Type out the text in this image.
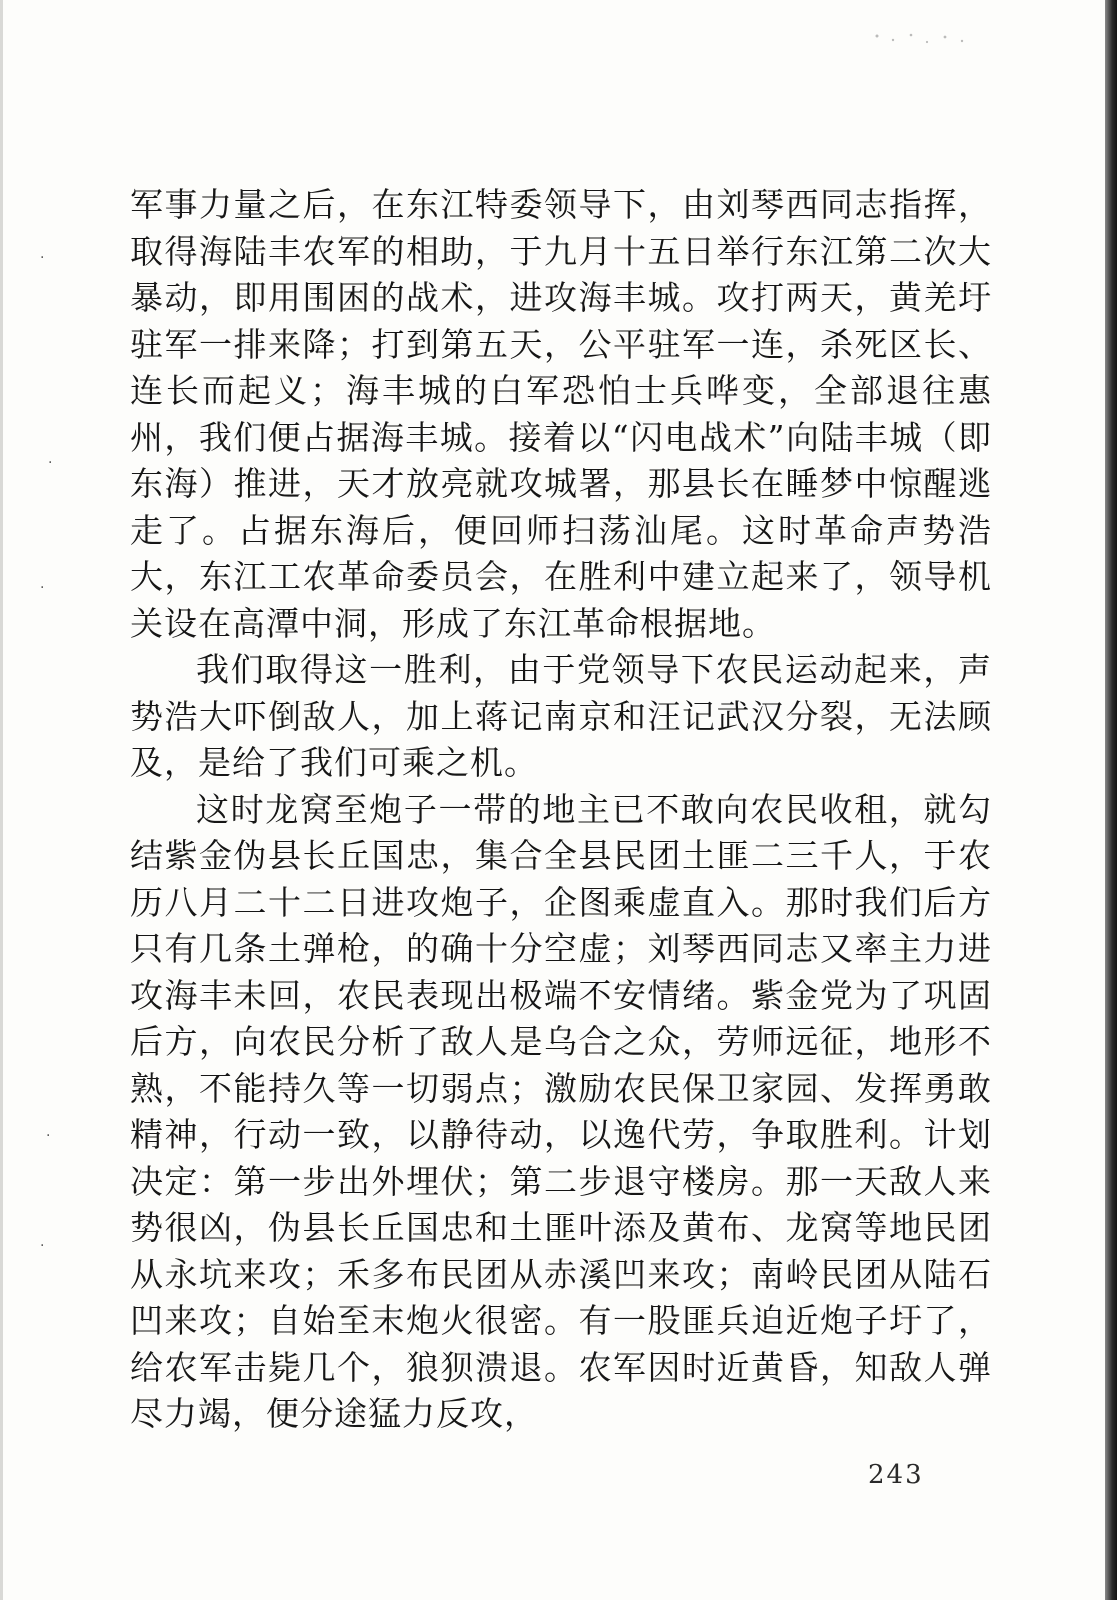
·
·
·
·
·

军事力量之后，在东江特委领导下，由刘琴西同志指挥，取得海陆丰农军的相助，于九月十五日举行东江第二次大暴动，即用围困的战术，进攻海丰城。攻打两天，黄羌圩驻军一排来降；打到第五天，公平驻军一连，杀死区长、连长而起义；海丰城的白军恐怕士兵哗变，全部退往惠州，我们便占据海丰城。接着以“闪电战术”向陆丰城（即东海）推进，天才放亮就攻城署，那县长在睡梦中惊醒逃走了。占据东海后，便回师扫荡汕尾。这时革命声势浩大，东江工农革命委员会，在胜利中建立起来了，领导机关设在高潭中洞，形成了东江革命根据地。

我们取得这一胜利，由于党领导下农民运动起来，声势浩大吓倒敌人，加上蒋记南京和汪记武汉分裂，无法顾及，是给了我们可乘之机。

这时龙窝至炮子一带的地主已不敢向农民收租，就勾结紫金伪县长丘国忠，集合全县民团土匪二三千人，于农历八月二十二日进攻炮子，企图乘虚直入。那时我们后方只有几条土弹枪，的确十分空虚；刘琴西同志又率主力进攻海丰未回，农民表现出极端不安情绪。紫金党为了巩固后方，向农民分析了敌人是乌合之众，劳师远征，地形不熟，不能持久等一切弱点；激励农民保卫家园、发挥勇敢精神，行动一致，以静待动，以逸代劳，争取胜利。计划决定：第一步出外埋伏；第二步退守楼房。那一天敌人来势很凶，伪县长丘国忠和土匪叶添及黄布、龙窝等地民团从永坑来攻；禾多布民团从赤溪凹来攻；南岭民团从陆石凹来攻；自始至末炮火很密。有一股匪兵迫近炮子圩了，给农军击毙几个，狼狈溃退。农军因时近黄昏，知敌人弹尽力竭，便分途猛力反攻，

243
